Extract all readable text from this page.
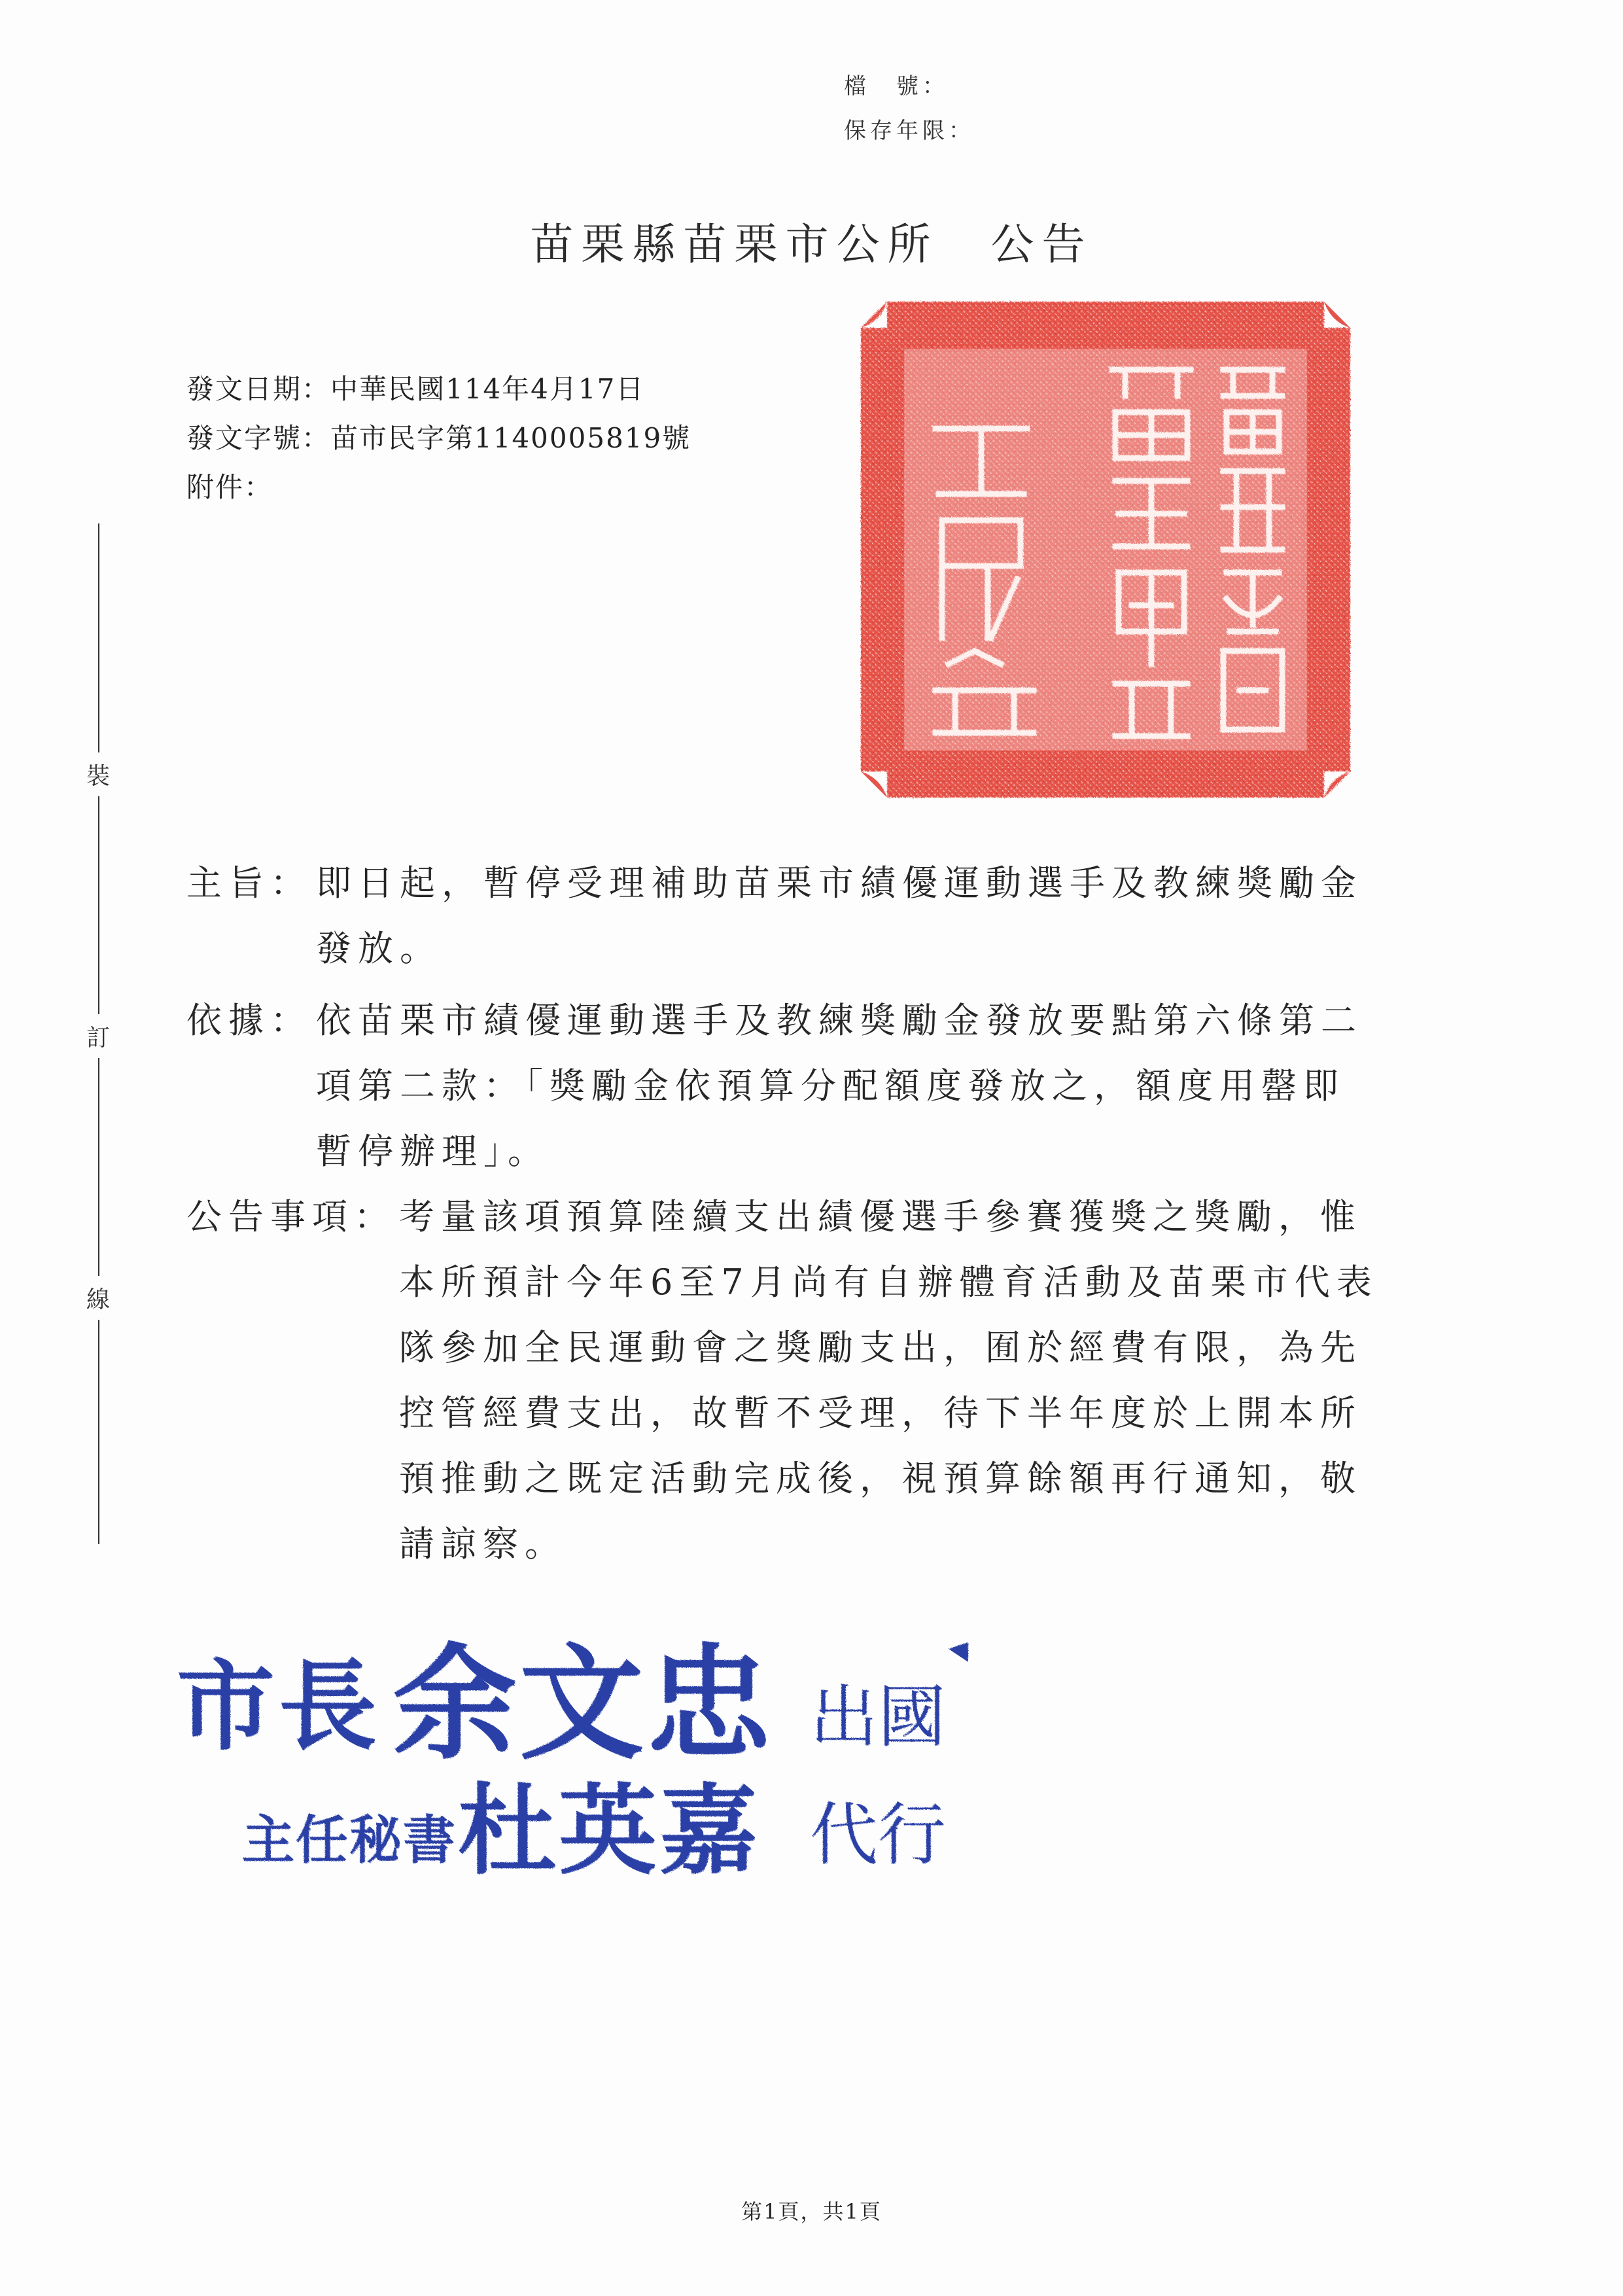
檔　號：
保存年限：
苗栗縣苗栗市公所 公告
發文日期：中華民國114年4月17日
發文字號：苗市民字第1140005819號
附件：
裝
訂
線
主旨： 即日起，暫停受理補助苗栗市績優運動選手及教練獎勵金
發放。
依據： 依苗栗市績優運動選手及教練獎勵金發放要點第六條第二
項第二款：「獎勵金依預算分配額度發放之，額度用罄即
暫停辦理」。
公告事項： 考量該項預算陸續支出績優選手參賽獲獎之獎勵，惟
本所預計今年6至7月尚有自辦體育活動及苗栗市代表
隊參加全民運動會之獎勵支出，囿於經費有限，為先
控管經費支出，故暫不受理，待下半年度於上開本所
預推動之既定活動完成後，視預算餘額再行通知，敬
請諒察。
市長 余文忠 出國
主任秘書 杜英嘉 代行
第1頁，共1頁
